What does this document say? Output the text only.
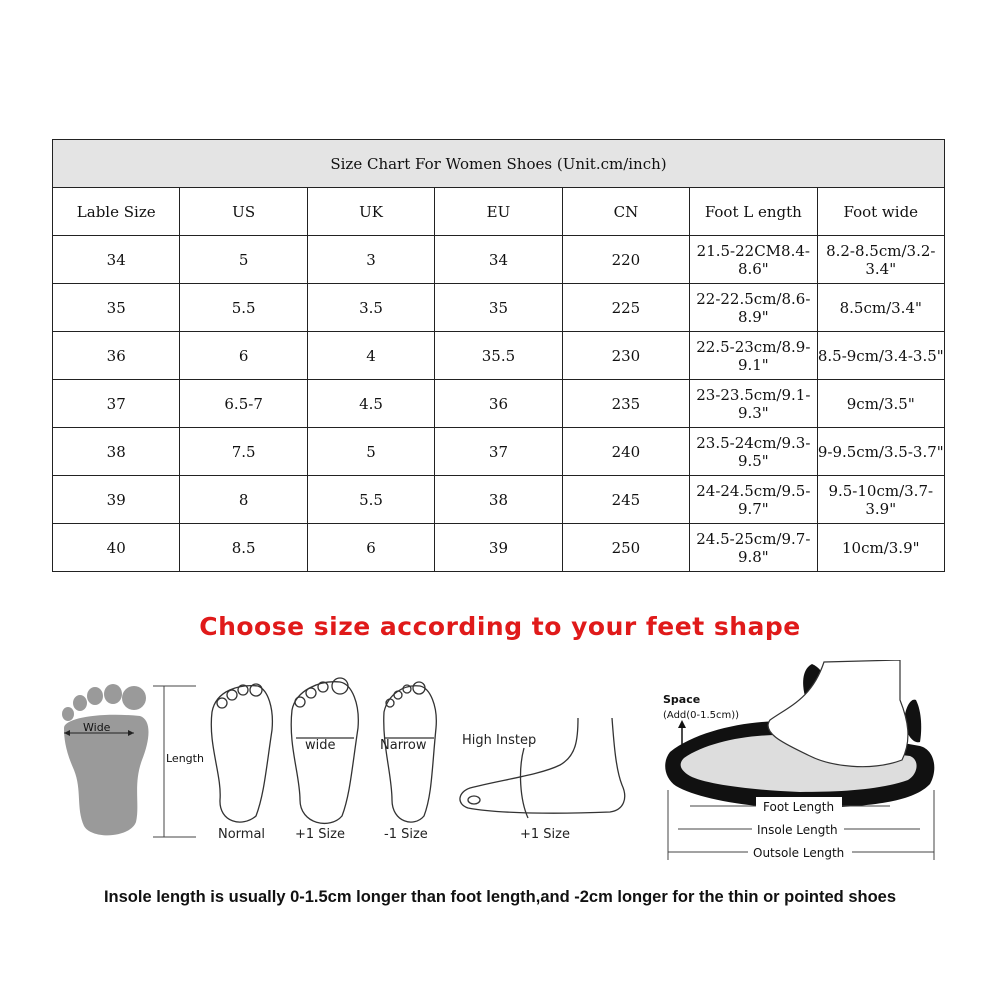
Size Chart For Women Shoes (Unit.cm/inch)						
Lable Size	US	UK	EU	CN	Foot L ength	Foot wide
34	5	3	34	220	21.5-22CM8.4-8.6"	8.2-8.5cm/3.2-3.4"
35	5.5	3.5	35	225	22-22.5cm/8.6-8.9"	8.5cm/3.4"
36	6	4	35.5	230	22.5-23cm/8.9-9.1"	8.5-9cm/3.4-3.5"
37	6.5-7	4.5	36	235	23-23.5cm/9.1-9.3"	9cm/3.5"
38	7.5	5	37	240	23.5-24cm/9.3-9.5"	9-9.5cm/3.5-3.7"
39	8	5.5	38	245	24-24.5cm/9.5-9.7"	9.5-10cm/3.7-3.9"
40	8.5	6	39	250	24.5-25cm/9.7-9.8"	10cm/3.9"
Choose size according to your feet shape
Wide
Length
Normal
wide
+1 Size
Narrow
-1 Size
High Instep
+1 Size
Space
(Add(0-1.5cm))
Foot Length
Insole Length
Outsole Length
Insole length is usually 0-1.5cm longer than foot length,and -2cm longer for the thin or pointed shoes
